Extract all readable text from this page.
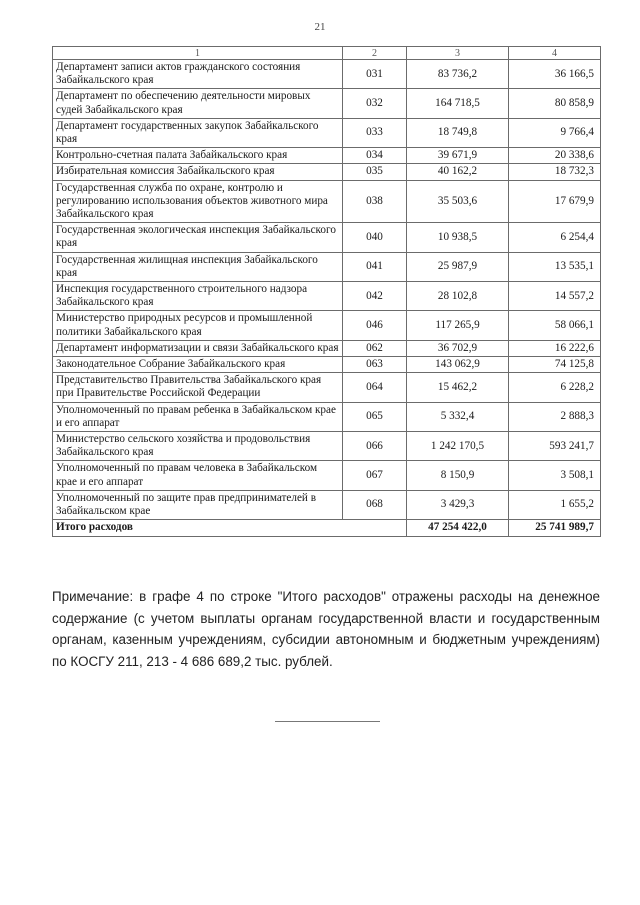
21
1	2	3	4
Департамент записи актов гражданского состояния Забайкальского края	031	83 736,2	36 166,5
Департамент по обеспечению деятельности мировых судей Забайкальского края	032	164 718,5	80 858,9
Департамент государственных закупок Забайкальского края	033	18 749,8	9 766,4
Контрольно-счетная палата Забайкальского края	034	39 671,9	20 338,6
Избирательная комиссия Забайкальского края	035	40 162,2	18 732,3
Государственная служба по охране, контролю и регулированию использования объектов животного мира Забайкальского края	038	35 503,6	17 679,9
Государственная экологическая инспекция Забайкальского края	040	10 938,5	6 254,4
Государственная жилищная инспекция Забайкальского края	041	25 987,9	13 535,1
Инспекция государственного строительного надзора Забайкальского края	042	28 102,8	14 557,2
Министерство природных ресурсов и промышленной политики Забайкальского края	046	117 265,9	58 066,1
Департамент информатизации и связи Забайкальского края	062	36 702,9	16 222,6
Законодательное Собрание Забайкальского края	063	143 062,9	74 125,8
Представительство Правительства Забайкальского края при Правительстве Российской Федерации	064	15 462,2	6 228,2
Уполномоченный по правам ребенка в Забайкальском крае и его аппарат	065	5 332,4	2 888,3
Министерство сельского хозяйства и продовольствия Забайкальского края	066	1 242 170,5	593 241,7
Уполномоченный по правам человека в Забайкальском крае и его аппарат	067	8 150,9	3 508,1
Уполномоченный по защите прав предпринимателей в Забайкальском крае	068	3 429,3	1 655,2
Итого расходов		47 254 422,0	25 741 989,7
Примечание: в графе 4 по строке "Итого расходов" отражены расходы на денежное содержание (с учетом выплаты органам государственной власти и государственным органам, казенным учреждениям, субсидии автономным и бюджетным учреждениям) по КОСГУ 211, 213 - 4 686 689,2 тыс. рублей.
